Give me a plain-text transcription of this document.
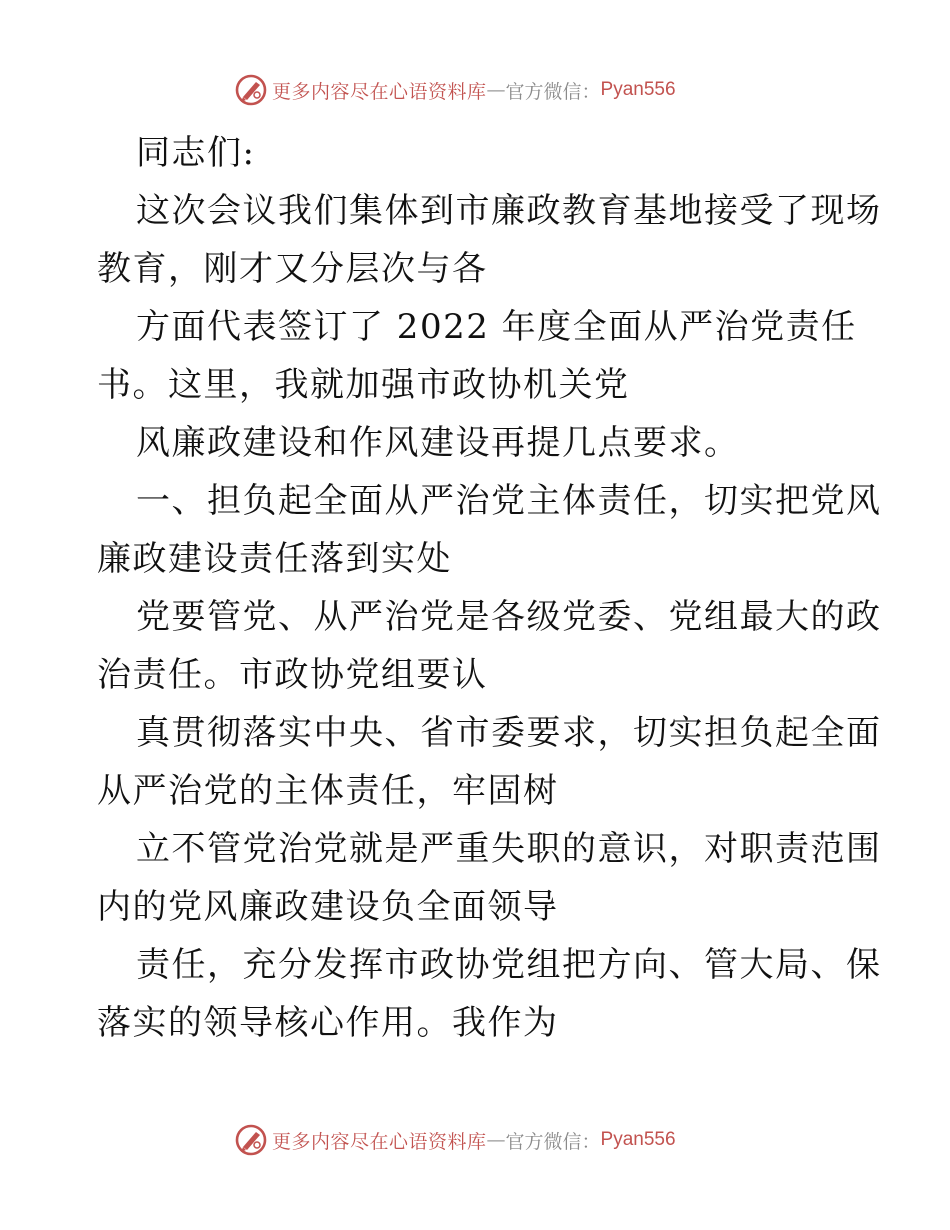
更多内容尽在心语资料库 — 官方微信： Pyan556
同志们:
这次会议我们集体到市廉政教育基地接受了现场
教育，刚才又分层次与各
方面代表签订了 2022 年度全面从严治党责任
书。这里，我就加强市政协机关党
风廉政建设和作风建设再提几点要求。
一、担负起全面从严治党主体责任，切实把党风
廉政建设责任落到实处
党要管党、从严治党是各级党委、党组最大的政
治责任。市政协党组要认
真贯彻落实中央、省市委要求，切实担负起全面
从严治党的主体责任，牢固树
立不管党治党就是严重失职的意识，对职责范围
内的党风廉政建设负全面领导
责任，充分发挥市政协党组把方向、管大局、保
落实的领导核心作用。我作为
更多内容尽在心语资料库 — 官方微信： Pyan556
